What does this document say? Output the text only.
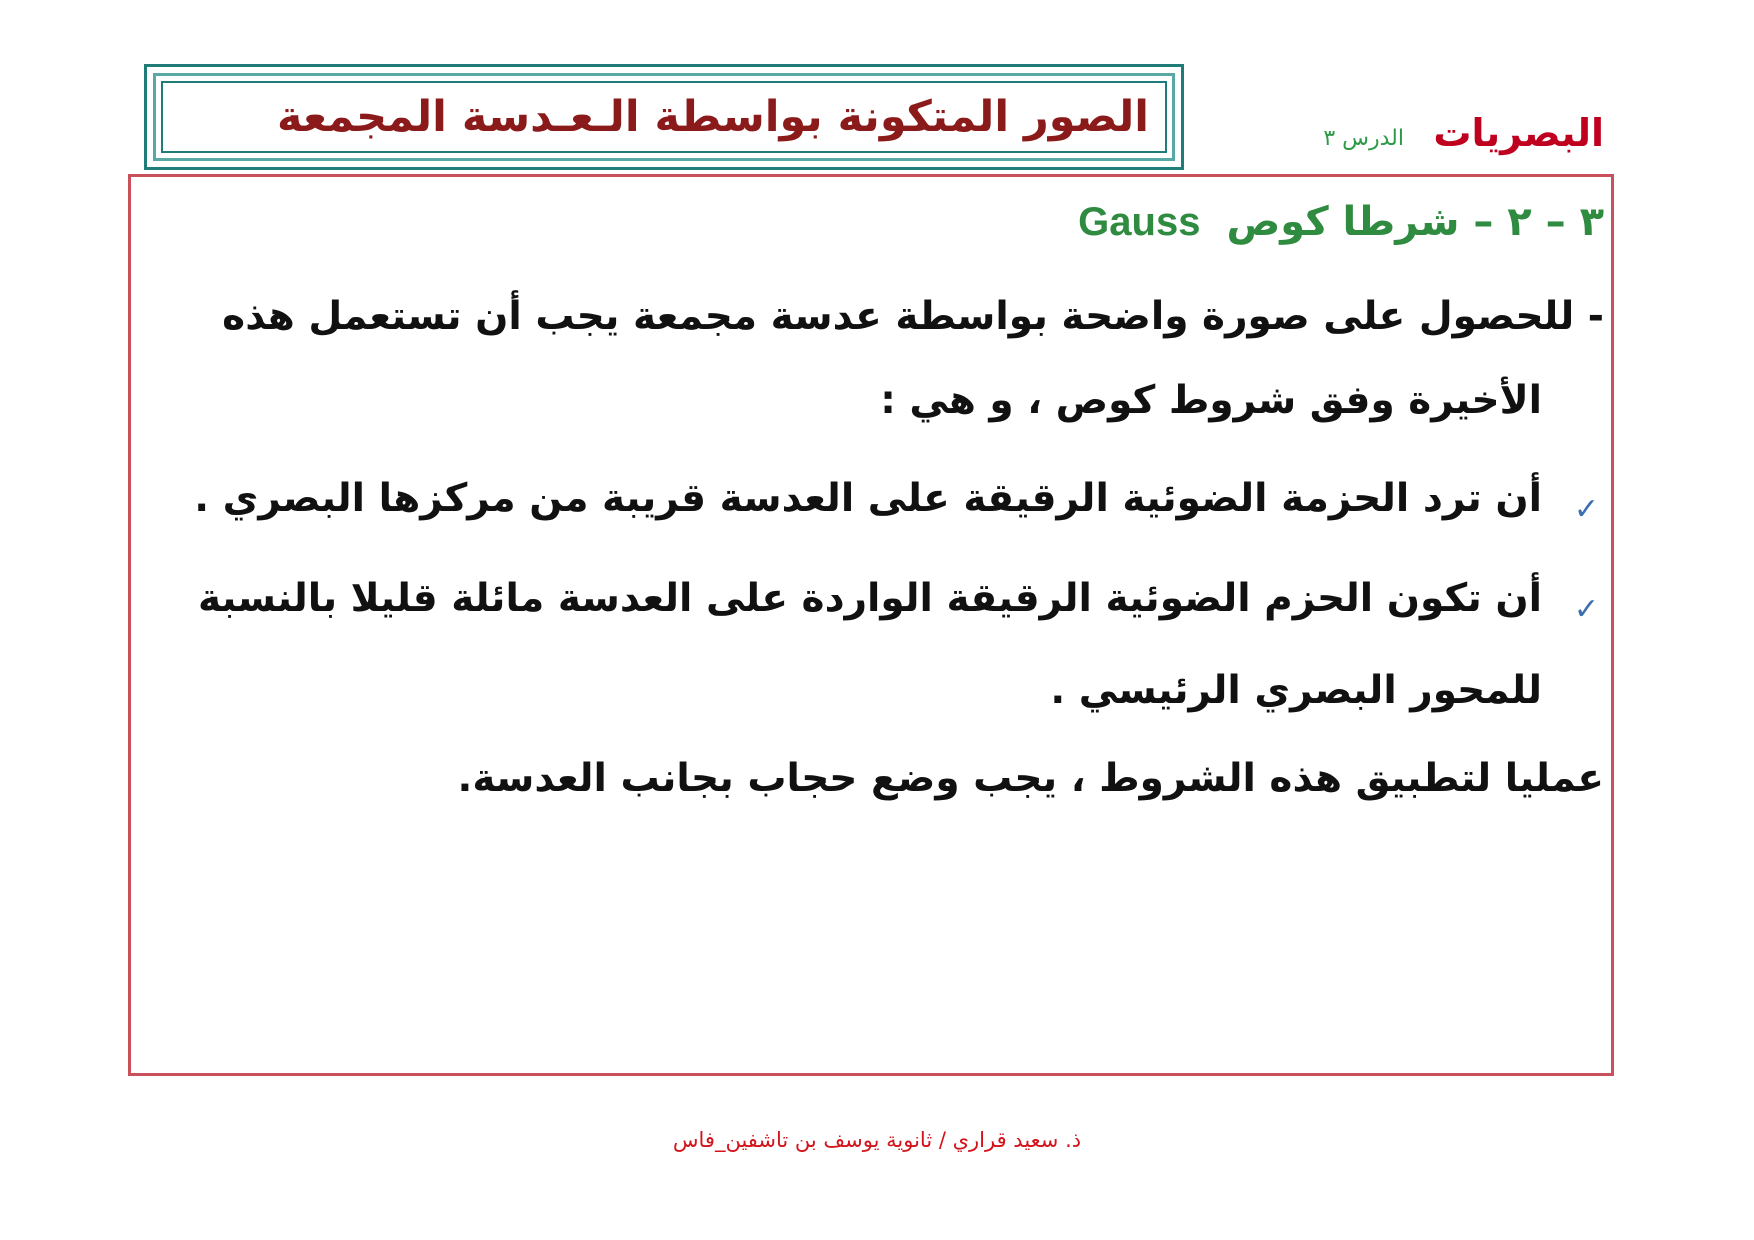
البصريات
الدرس ٣
الصور المتكونة بواسطة الـعـدسة المجمعة
٣ – ٢ – شرطا كوصGauss
- للحصول على صورة واضحة بواسطة عدسة مجمعة يجب أن تستعمل هذه
الأخيرة وفق شروط كوص ، و هي :
✓
أن ترد الحزمة الضوئية الرقيقة على العدسة قريبة من مركزها البصري .
✓
أن تكون الحزم الضوئية الرقيقة الواردة على العدسة مائلة قليلا بالنسبة
للمحور البصري الرئيسي .
عمليا لتطبيق هذه الشروط ، يجب وضع حجاب بجانب العدسة.
ذ. سعيد قراري / ثانوية يوسف بن تاشفين_فاس
